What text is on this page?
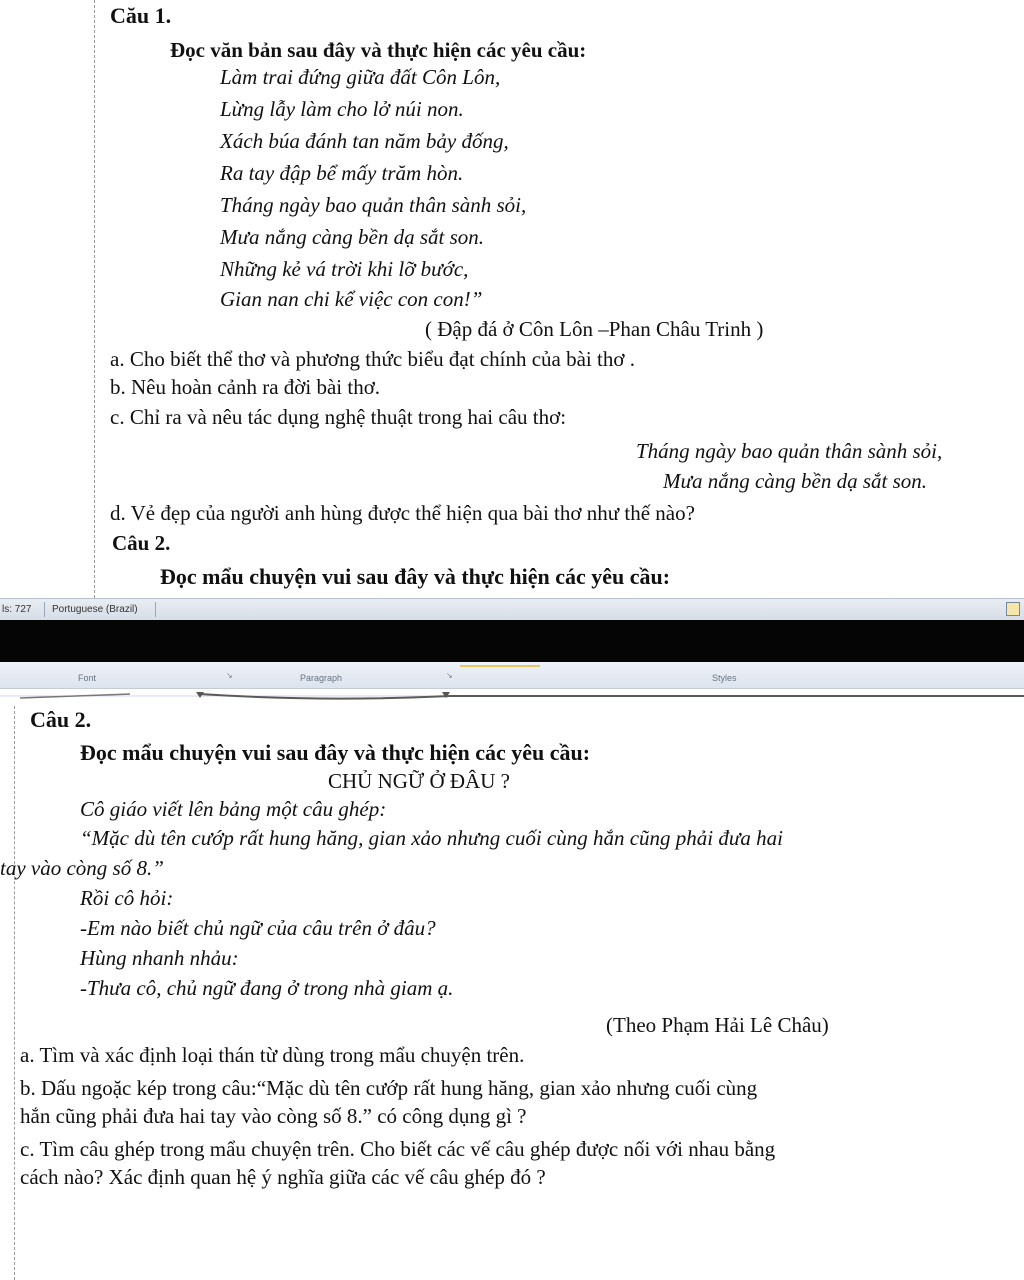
Cău 1.
Đọc văn bản sau đây và thực hiện các yêu cầu:
Làm trai đứng giữa đất Côn Lôn,
Lừng lẫy làm cho lở núi non.
Xách búa đánh tan năm bảy đống,
Ra tay đập bể mấy trăm hòn.
Tháng ngày bao quản thân sành sỏi,
Mưa nắng càng bền dạ sắt son.
Những kẻ vá trời khi lỡ bước,
Gian nan chi kể việc con con!”
( Đập đá ở Côn Lôn –Phan Châu Trinh )
a. Cho biết thể thơ và phương thức biểu đạt chính của bài thơ .
b. Nêu hoàn cảnh ra đời bài thơ.
c. Chỉ ra và nêu tác dụng nghệ thuật trong hai câu thơ:
Tháng ngày bao quản thân sành sỏi,
Mưa nắng càng bền dạ sắt son.
d. Vẻ đẹp của người anh hùng được thể hiện qua bài thơ như thế nào?
Câu 2.
Đọc mẩu chuyện vui sau đây và thực hiện các yêu cầu:
ls: 727 Portuguese (Brazil)
Font	↘	Paragraph	↘	Styles
Câu 2.
Đọc mẩu chuyện vui sau đây và thực hiện các yêu cầu:
CHỦ NGỮ Ở ĐÂU ?
Cô giáo viết lên bảng một câu ghép:
“Mặc dù tên cướp rất hung hăng, gian xảo nhưng cuối cùng hắn cũng phải đưa hai
tay vào còng số 8.”
Rồi cô hỏi:
-Em nào biết chủ ngữ của câu trên ở đâu?
Hùng nhanh nhảu:
-Thưa cô, chủ ngữ đang ở trong nhà giam ạ.
(Theo Phạm Hải Lê Châu)
a. Tìm và xác định loại thán từ dùng trong mẩu chuyện trên.
b. Dấu ngoặc kép trong câu:“Mặc dù tên cướp rất hung hăng, gian xảo nhưng cuối cùng
hắn cũng phải đưa hai tay vào còng số 8.” có công dụng gì ?
c. Tìm câu ghép trong mẩu chuyện trên. Cho biết các vế câu ghép được nối với nhau bằng
cách nào? Xác định quan hệ ý nghĩa giữa các vế câu ghép đó ?
